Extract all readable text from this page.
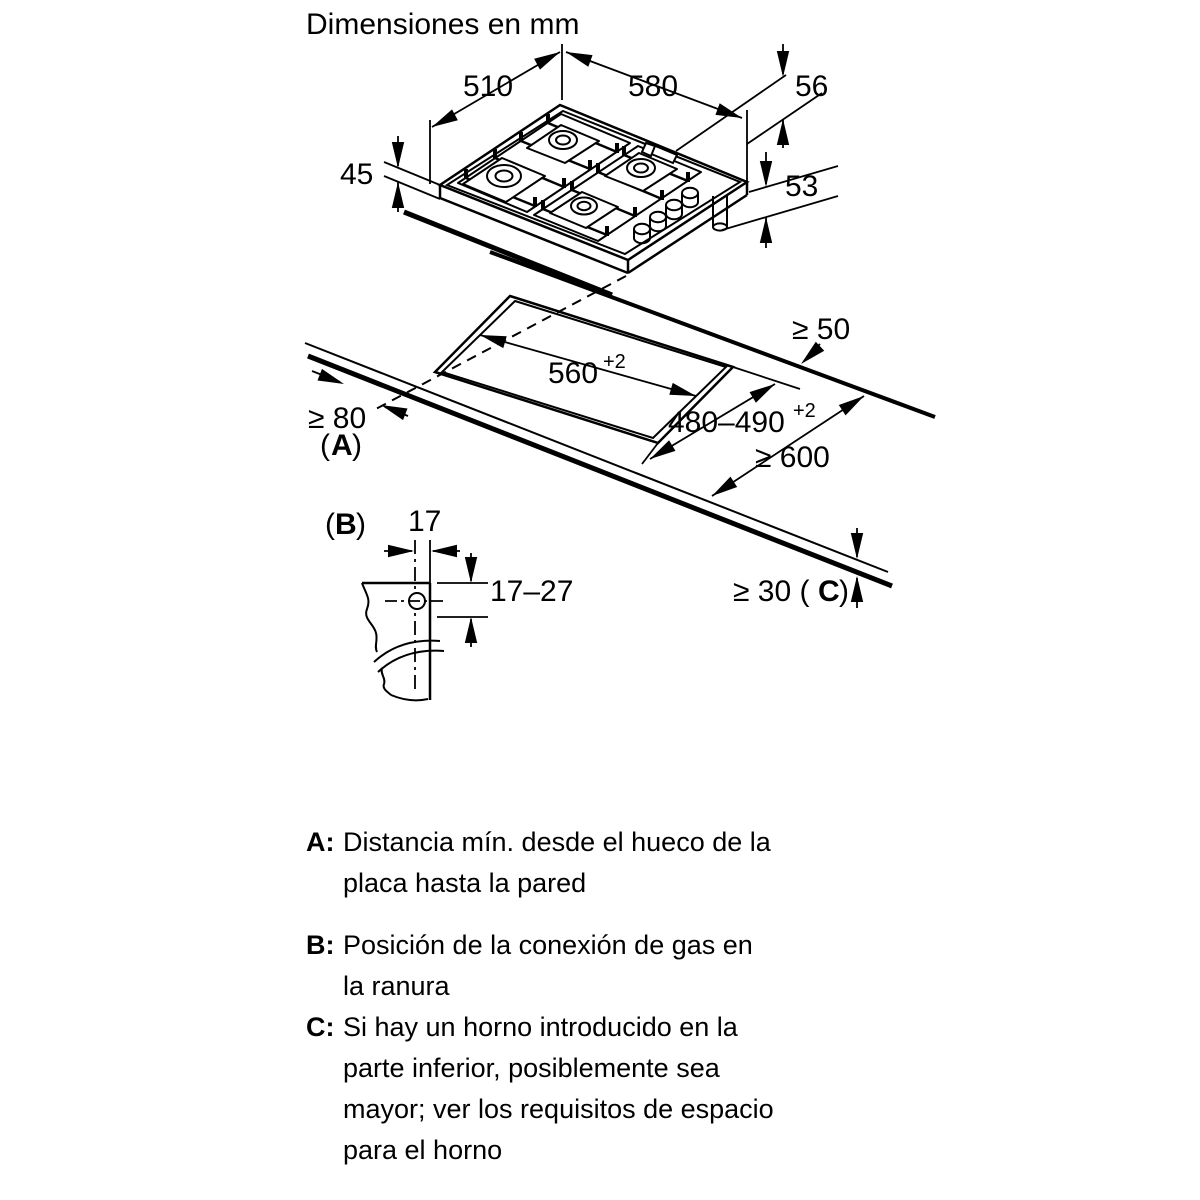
Dimensiones en mm
510	580	56
53
45
560 +2
480–490 +2
≥ 50
≥ 600
≥ 30 ( C )
≥ 80
( A )
( B ) 17
17–27
A: Distancia mín. desde el hueco de la placa hasta la pared
B: Posición de la conexión de gas en la ranura
C: Si hay un horno introducido en la parte inferior, posiblemente sea mayor; ver los requisitos de espacio para el horno
